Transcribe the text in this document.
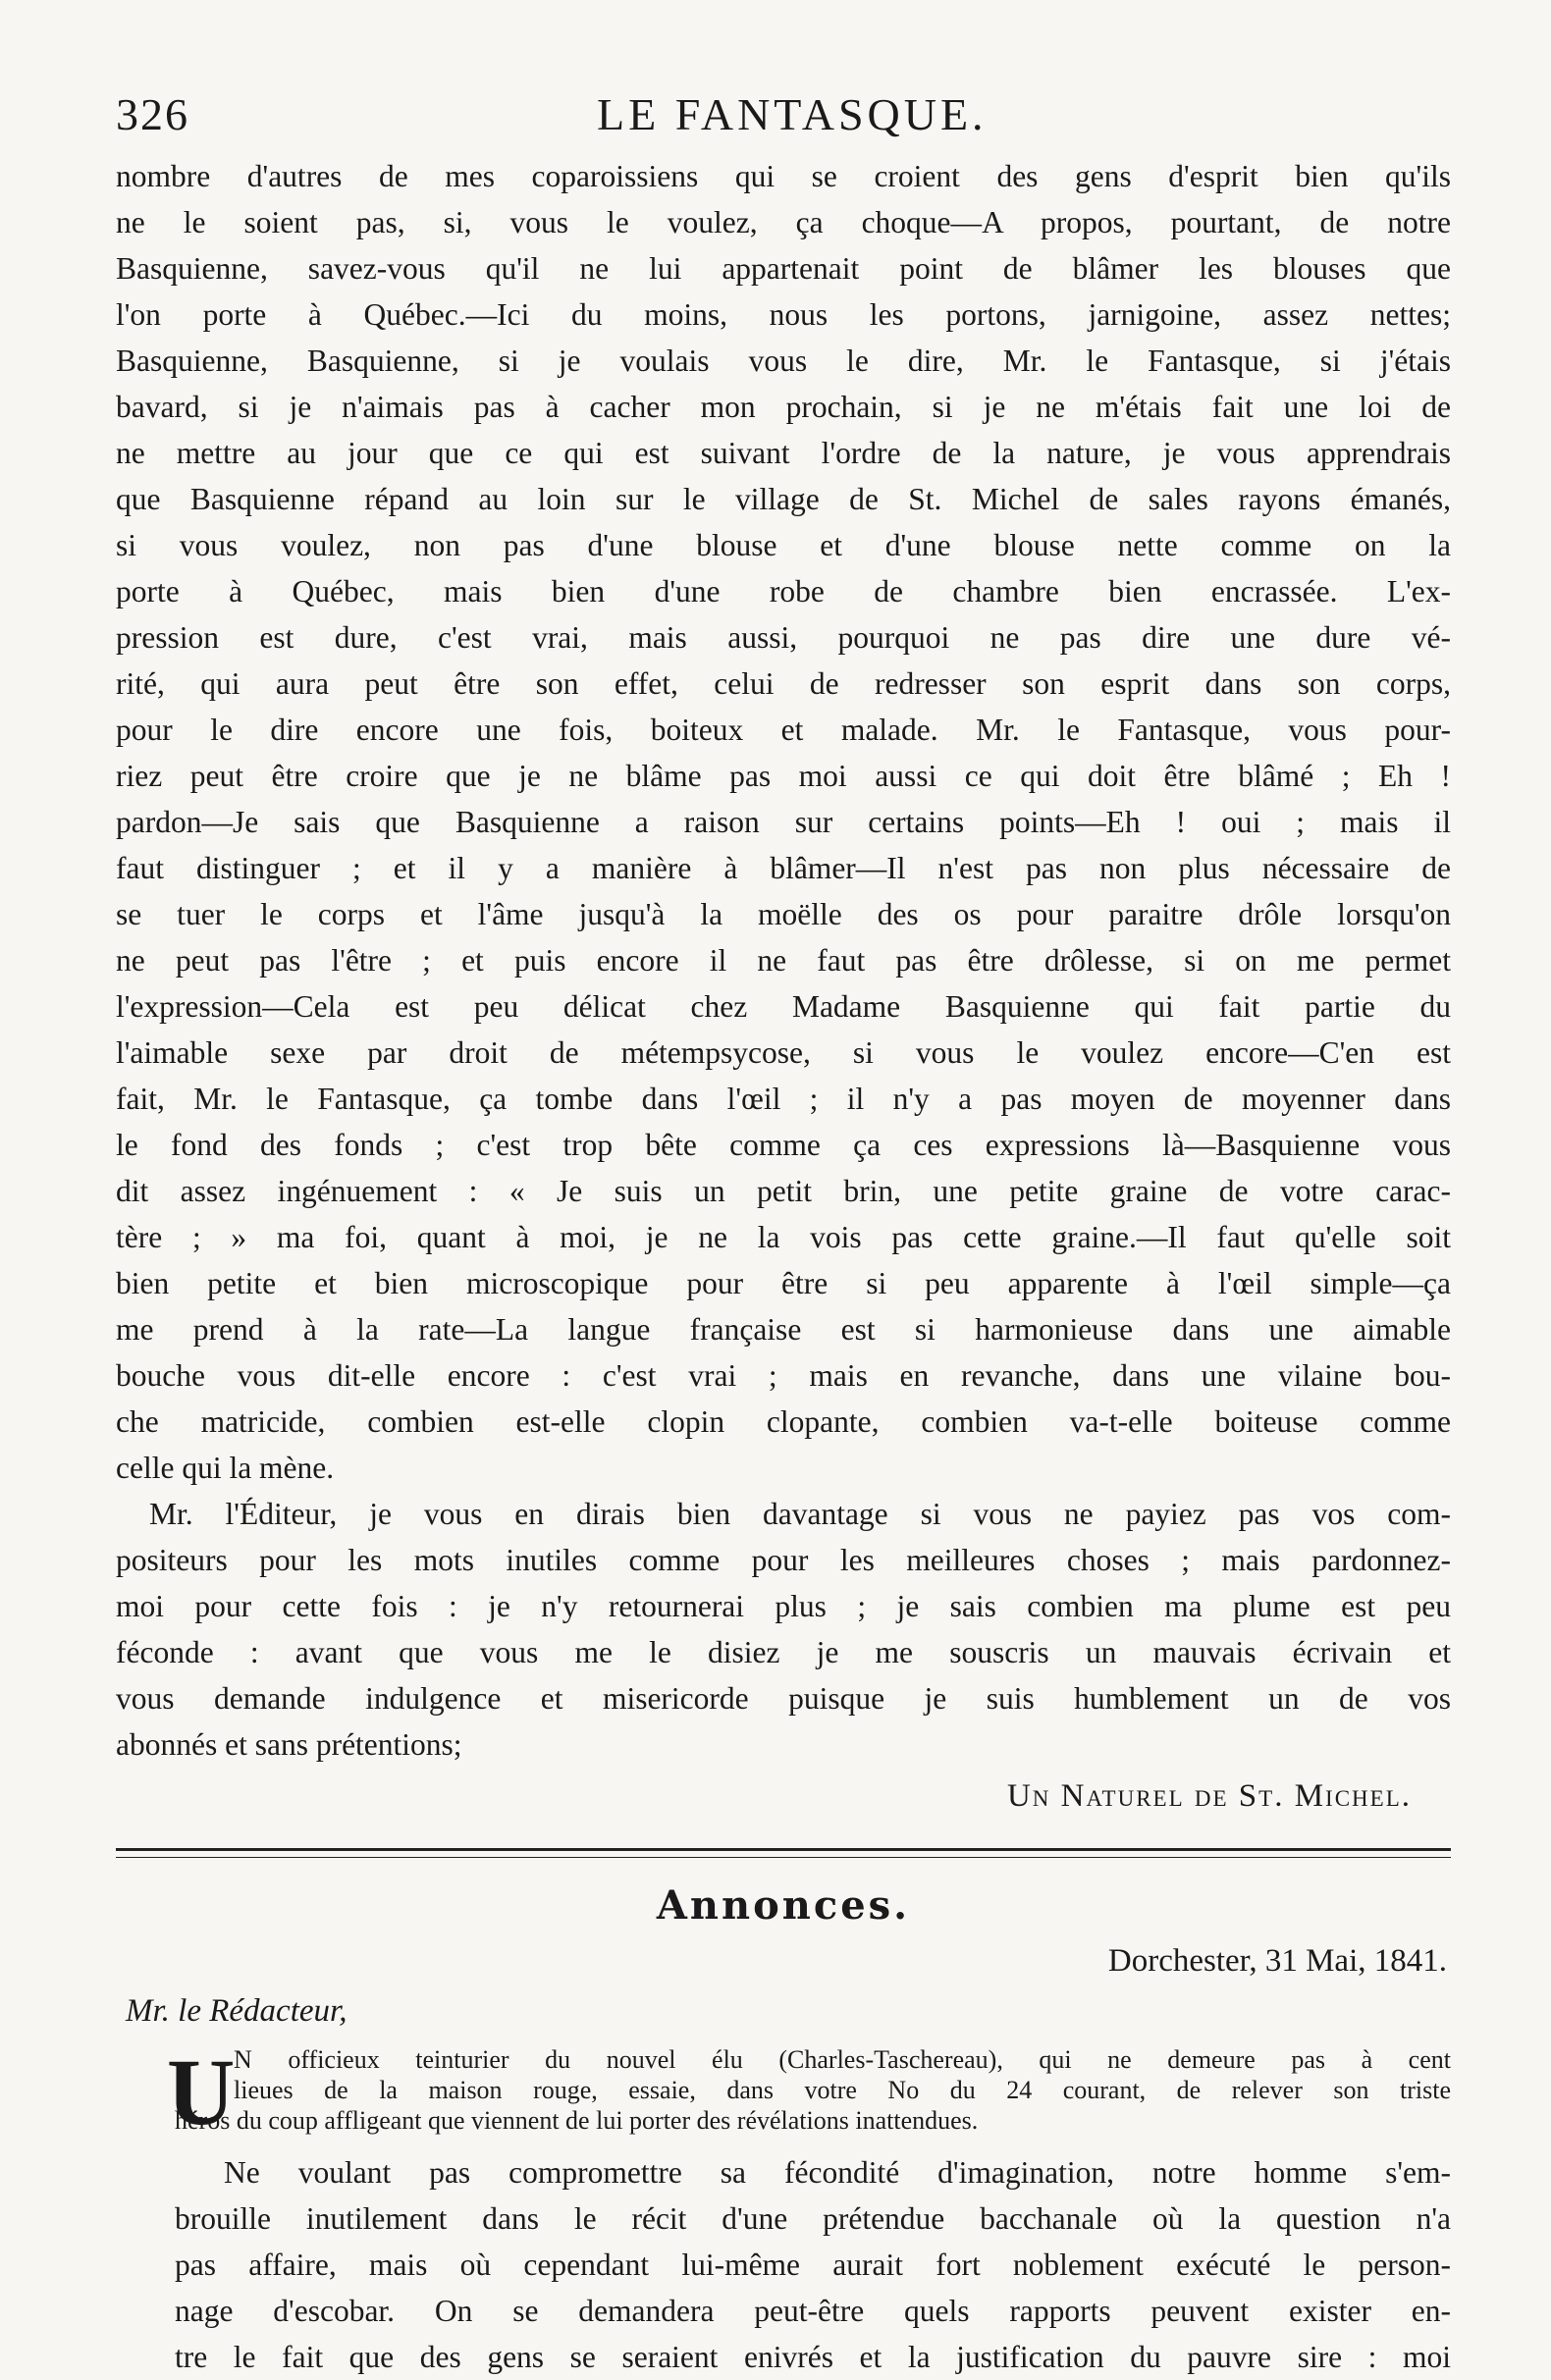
326	LE FANTASQUE.
nombre d'autres de mes coparoissiens qui se croient des gens d'esprit bien qu'ils
ne le soient pas, si, vous le voulez, ça choque—A propos, pourtant, de notre
Basquienne, savez-vous qu'il ne lui appartenait point de blâmer les blouses que
l'on porte à Québec.—Ici du moins, nous les portons, jarnigoine, assez nettes;
Basquienne, Basquienne, si je voulais vous le dire, Mr. le Fantasque, si j'étais
bavard, si je n'aimais pas à cacher mon prochain, si je ne m'étais fait une loi de
ne mettre au jour que ce qui est suivant l'ordre de la nature, je vous apprendrais
que Basquienne répand au loin sur le village de St. Michel de sales rayons émanés,
si vous voulez, non pas d'une blouse et d'une blouse nette comme on la
porte à Québec, mais bien d'une robe de chambre bien encrassée. L'ex-
pression est dure, c'est vrai, mais aussi, pourquoi ne pas dire une dure vé-
rité, qui aura peut être son effet, celui de redresser son esprit dans son corps,
pour le dire encore une fois, boiteux et malade. Mr. le Fantasque, vous pour-
riez peut être croire que je ne blâme pas moi aussi ce qui doit être blâmé ; Eh !
pardon—Je sais que Basquienne a raison sur certains points—Eh ! oui ; mais il
faut distinguer ; et il y a manière à blâmer—Il n'est pas non plus nécessaire de
se tuer le corps et l'âme jusqu'à la moëlle des os pour paraitre drôle lorsqu'on
ne peut pas l'être ; et puis encore il ne faut pas être drôlesse, si on me permet
l'expression—Cela est peu délicat chez Madame Basquienne qui fait partie du
l'aimable sexe par droit de métempsycose, si vous le voulez encore—C'en est
fait, Mr. le Fantasque, ça tombe dans l'œil ; il n'y a pas moyen de moyenner dans
le fond des fonds ; c'est trop bête comme ça ces expressions là—Basquienne vous
dit assez ingénuement : « Je suis un petit brin, une petite graine de votre carac-
tère ; » ma foi, quant à moi, je ne la vois pas cette graine.—Il faut qu'elle soit
bien petite et bien microscopique pour être si peu apparente à l'œil simple—ça
me prend à la rate—La langue française est si harmonieuse dans une aimable
bouche vous dit-elle encore : c'est vrai ; mais en revanche, dans une vilaine bou-
che matricide, combien est-elle clopin clopante, combien va-t-elle boiteuse comme
celle qui la mène.
Mr. l'Éditeur, je vous en dirais bien davantage si vous ne payiez pas vos com-
positeurs pour les mots inutiles comme pour les meilleures choses ; mais pardonnez-
moi pour cette fois : je n'y retournerai plus ; je sais combien ma plume est peu
féconde : avant que vous me le disiez je me souscris un mauvais écrivain et
vous demande indulgence et misericorde puisque je suis humblement un de vos
abonnés et sans prétentions;
Un Naturel de St. Michel.
Annonces.
Dorchester, 31 Mai, 1841.
Mr. le Rédacteur,
U
N officieux teinturier du nouvel élu (Charles-Taschereau), qui ne demeure pas à cent
lieues de la maison rouge, essaie, dans votre No du 24 courant, de relever son triste
héros du coup affligeant que viennent de lui porter des révélations inattendues.
Ne voulant pas compromettre sa fécondité d'imagination, notre homme s'em-
brouille inutilement dans le récit d'une prétendue bacchanale où la question n'a
pas affaire, mais où cependant lui-même aurait fort noblement exécuté le person-
nage d'escobar. On se demandera peut-être quels rapports peuvent exister en-
tre le fait que des gens se seraient enivrés et la justification du pauvre sire : moi
